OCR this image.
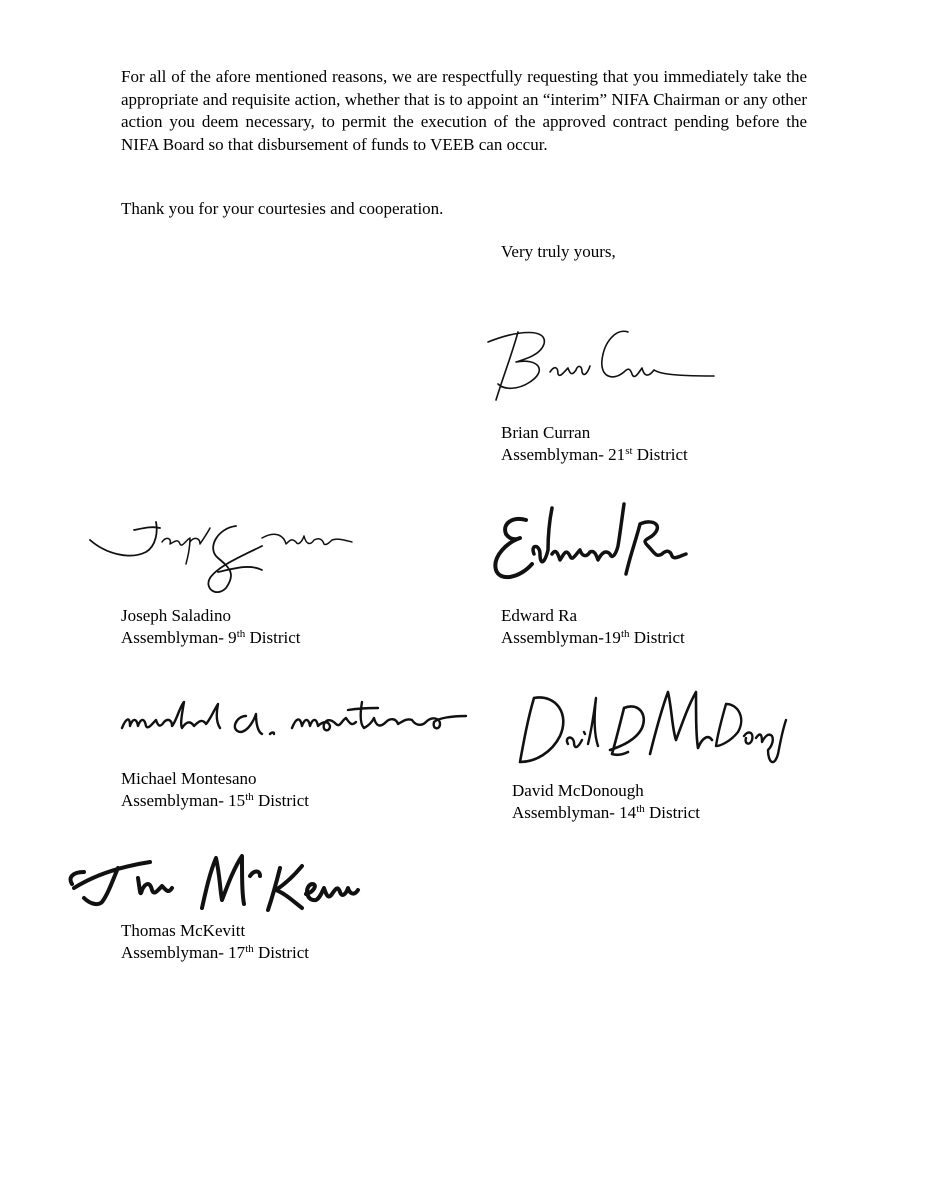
For all of the afore mentioned reasons, we are respectfully requesting that you immediately take the appropriate and requisite action, whether that is to appoint an “interim” NIFA Chairman or any other action you deem necessary, to permit the execution of the approved contract pending before the NIFA Board so that disbursement of funds to VEEB can occur.

Thank you for your courtesies and cooperation.

Very truly yours,

Brian Curran

Assemblyman- 21st District

Joseph Saladino

Assemblyman- 9th District

Edward Ra

Assemblyman-19th District

Michael Montesano

Assemblyman- 15th District

David McDonough

Assemblyman- 14th District

Thomas McKevitt

Assemblyman- 17th District
